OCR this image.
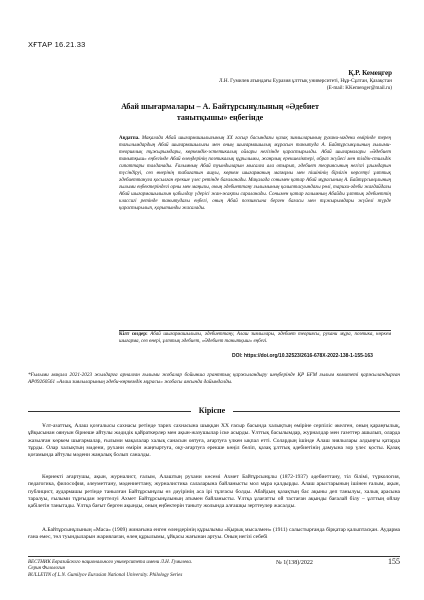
ХҒТАР 16.21.33
Қ.Р. Кемеңгер
Л.Н. Гумилев атындағы Еуразия ұлттық университеті, Нұр-Сұлтан, Қазақстан
(E-mail: KKemenger@mail.ru)
Абай шығармалары – А. Байтұрсынұлының «Әдебиет
танытқышы» еңбегінде
Аңдатпа. Мақалада Абай шығармашылығының ХХ ғасыр басындағы қазақ зиялыларының рухани-мәдени өмірінде терең тағылымдардың Абай шығармашылығы мен оның шығармашылық мұрасын танытуда А. Байтұрсынұлының ғылыми-теориялық тұжырымдары, көркемдік-эстетикалық ойлары негізінде қарастырылды. Абай шығармалары «Әдебиет танытқыш» еңбегінде Абай өлеңдерінің поэтикалық құрылымы, жанрлық ерекшеліктері, образ жүйесі мен тілдік-стильдік сипаттары талданады. Ғалымның Абай туындыларын мысалға ала отырып, әдебиет теориясының негізгі ұғымдарын түсіндіруі, сөз өнерінің табиғатын ашуы, көркем шығарманың мазмұны мен пішінінің бірлігін көрсетуі ұлттық әдебиеттануға қосылған ерекше үлес ретінде бағаланады. Мақалада сонымен қатар Абай мұрасының А. Байтұрсынұлының ғылыми еңбектеріндегі орны мен маңызы, оның әдебиеттану ғылымының қалыптасуындағы рөлі, тарихи-әдеби жағдайдағы Абай шығармашылығын қабылдау үдерісі жан-жақты сараланады. Сонымен қатар ғалымның Абайды ұлттық әдебиеттің классигі ретінде танытудағы еңбегі, оның Абай поэзиясына берген бағасы мен тұжырымдары жүйелі түрде қарастырылып, қорытынды жасалады.
Кілт сөздер: Абай шығармашылығы, әдебиеттану, Алаш зиялылары, әдебиет теориясы, рухани мұра, поэтика, көркем шығарма, сөз өнері, ұлттық әдебиет, «Әдебиет танытқыш» еңбегі.
DOI: https://doi.org/10.32523/2616-678X-2022-138-1-155-163
*Ғылыми мақала 2021-2023 жылдарға арналған ғылыми жобалар бойынша гранттық қаржыландыру шеңберінде ҚР БҒМ ғылым комитеті қаржыландырған AP09260561 «Алаш зиялыларының әдеби-көркемдік мұрасы» жобасы аясында дайындалды.
Кіріспе
Ұлт-азаттық, Алаш қозғалысы сахнасы ретінде тарих сахнасына шыққан ХХ ғасыр басында халықтың өміріне серпіліс әкелген, оның қараңғылық, ұйқысынан оянуын бірнеше айтулы жәдидік қайраткерлер мен ақын-жазушылар іске асырды. Ұлттық басылымдар, журналдар мен газеттер ашылып, оларда жазылған көркем шығармалар, ғылыми мақалалар халық санасын оятуға, ағартуға үлкен ықпал етті. Солардың ішінде Алаш зиялылары алдыңғы қатарда тұрды. Олар халықтың мәдени, рухани өмірін жаңғыртуға, оқу-ағартуға ерекше көңіл бөліп, қазақ ұлттық әдебиетінің дамуына зор үлес қосты. Қазақ қоғамында айтулы мәдени жаңалық болып саналды.
Көрнекті ағартушы, ақын, журналист, ғалым, Алаштың рухани көсемі Ахмет Байтұрсынұлы (1872-1937) әдебиеттану, тіл білімі, түркология, педагогика, философия, әлеуметтану, мәдениеттану, журналистика салаларына байланысты мол мұра қалдырды. Алаш арыстарының ішінен ғалым, ақын, публицист, аудармашы ретінде танылған Байтұрсынұлы өз дәуірінің аса ірі тұлғасы болды. Абайдың қазақтың бас ақыны деп танылуы, халық арасына таралуы, ғылыми тұрғыдан зерттелуі Ахмет Байтұрсынұлының атымен байланысты. Ұлтқа ұлағатты ой тастаған ақынды бағалай білу – ұлттың ойлау қабілетін танытады. Ұлтқа бағыт берген ақынды, оның еңбектерін таныту жолында алғашқы зерттеулер жасалды.
А.Байтұрсынұлының «Маса» (1909) жинағына енген өлеңдерінің құрылымы «Қырық мысалмен» (1911) салыстырғанда бірқатар қалыптасқан. Аударма ғана емес, төл туындыларын жариялаған, өлең құрылымы, ұйқасы жағынан артуы. Оның негізі себебі
ВЕСТНИК Евразийского национального университета имени Л.Н. Гумилева.
Серия Филология
BULLETIN of L.N. Gumilyov Eurasian National University. Philology Series
№ 1(138)/2022	155
